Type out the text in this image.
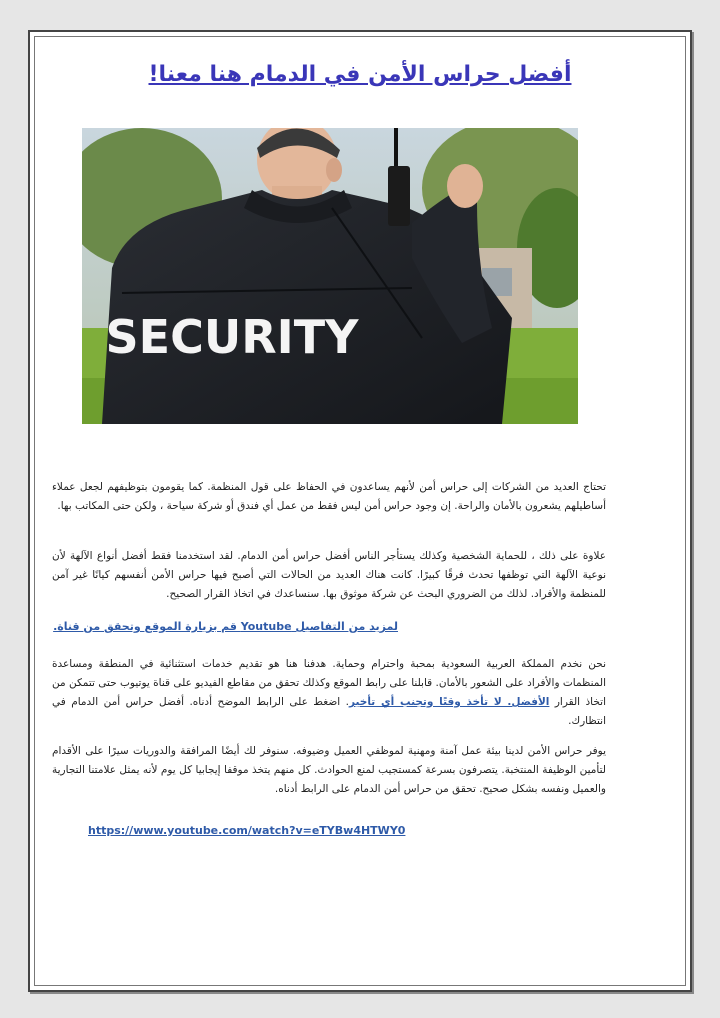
أفضل حراس الأمن في الدمام هنا معنا!
SECURITY
تحتاج العديد من الشركات إلى حراس أمن لأنهم يساعدون في الحفاظ على قول المنظمة. كما يقومون بتوظيفهم لجعل عملاء أساطيلهم يشعرون بالأمان والراحة. إن وجود حراس أمن ليس فقط من عمل أي فندق أو شركة سياحة ، ولكن حتى المكاتب بها.
علاوة على ذلك ، للحماية الشخصية وكذلك يستأجر الناس أفضل حراس أمن الدمام. لقد استخدمنا فقط أفضل أنواع الآلهة لأن نوعية الآلهة التي توظفها تحدث فرقًا كبيرًا. كانت هناك العديد من الحالات التي أصبح فيها حراس الأمن أنفسهم كيانًا غير آمن للمنظمة والأفراد. لذلك من الضروري البحث عن شركة موثوق بها. سنساعدك في اتخاذ القرار الصحيح.
لمزيد من التفاصيل Youtube قم بزيارة الموقع وتحقق من قناة.
نحن نخدم المملكة العربية السعودية بمحبة واحترام وحماية. هدفنا هنا هو تقديم خدمات استثنائية في المنطقة ومساعدة المنظمات والأفراد على الشعور بالأمان. قابلنا على رابط الموقع وكذلك تحقق من مقاطع الفيديو على قناة يوتيوب حتى تتمكن من اتخاذ القرار الأفضل. لا تأخذ وقتًا وتجنب أي تأخير. اضغط على الرابط الموضح أدناه. أفضل حراس أمن الدمام في انتظارك.
يوفر حراس الأمن لدينا بيئة عمل آمنة ومهنية لموظفي العميل وضيوفه. سنوفر لك أيضًا المرافقة والدوريات سيرًا على الأقدام لتأمين الوظيفة المنتخبة. يتصرفون بسرعة كمستجيب لمنع الحوادث. كل منهم يتخذ موقفا إيجابيا كل يوم لأنه يمثل علامتنا التجارية والعميل ونفسه بشكل صحيح. تحقق من حراس أمن الدمام على الرابط أدناه.
https://www.youtube.com/watch?v=eTYBw4HTWY0
